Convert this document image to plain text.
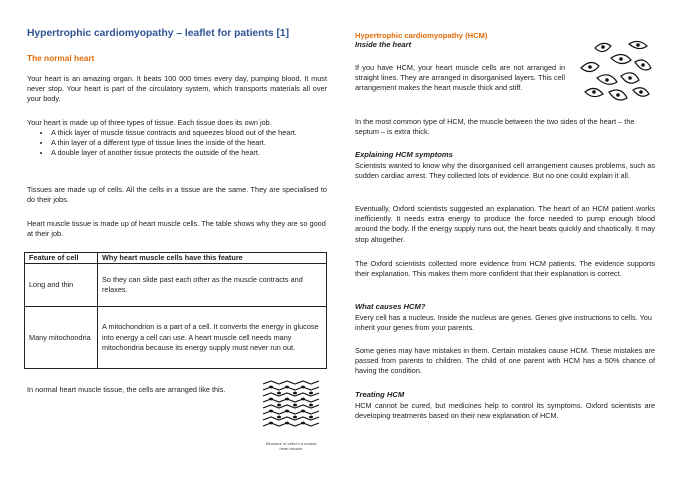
Hypertrophic cardiomyopathy – leaflet for patients [1]

The normal heart

Your heart is an amazing organ. It beats 100 000 times every day, pumping blood. It must never stop. Your heart is part of the circulatory system, which transports materials all over your body.

Your heart is made up of three types of tissue. Each tissue does its own job.

• A thick layer of muscle tissue contracts and squeezes blood out of the heart.
• A thin layer of a different type of tissue lines the inside of the heart.
• A double layer of another tissue protects the outside of the heart.

Tissues are made up of cells. All the cells in a tissue are the same. They are specialised to do their jobs.

Heart muscle tissue is made up of heart muscle cells. The table shows why they are so good at their job.

Feature of cell	Why heart muscle cells have this feature
Long and thin	So they can slide past each other as the muscle contracts and relaxes.
Many mitochondria	A mitochondrion is a part of a cell. It converts the energy in glucose into energy a cell can use. A heart muscle cell needs many mitochondria because its energy supply must never run out.

In normal heart muscle tissue, the cells are arranged like this.

Structure of cells in a normal heart muscle

Hypertrophic cardiomyopathy (HCM)

Inside the heart

If you have HCM, your heart muscle cells are not arranged in straight lines. They are arranged in disorganised layers. This cell arrangement makes the heart muscle thick and stiff.

In the most common type of HCM, the muscle between the two sides of the heart – the septum – is extra thick.

Explaining HCM symptoms

Scientists wanted to know why the disorganised cell arrangement causes problems, such as sudden cardiac arrest. They collected lots of evidence. But no one could explain it all.

Eventually, Oxford scientists suggested an explanation. The heart of an HCM patient works inefficiently. It needs extra energy to produce the force needed to pump enough blood around the body. If the energy supply runs out, the heart beats quickly and chaotically. It may stop altogether.

The Oxford scientists collected more evidence from HCM patients. The evidence supports their explanation. This makes them more confident that their explanation is correct.

What causes HCM?

Every cell has a nucleus. Inside the nucleus are genes. Genes give instructions to cells. You inherit your genes from your parents.

Some genes may have mistakes in them. Certain mistakes cause HCM. These mistakes are passed from parents to children. The child of one parent with HCM has a 50% chance of having the condition.

Treating HCM

HCM cannot be cured, but medicines help to control its symptoms. Oxford scientists are developing treatments based on their new explanation of HCM.
